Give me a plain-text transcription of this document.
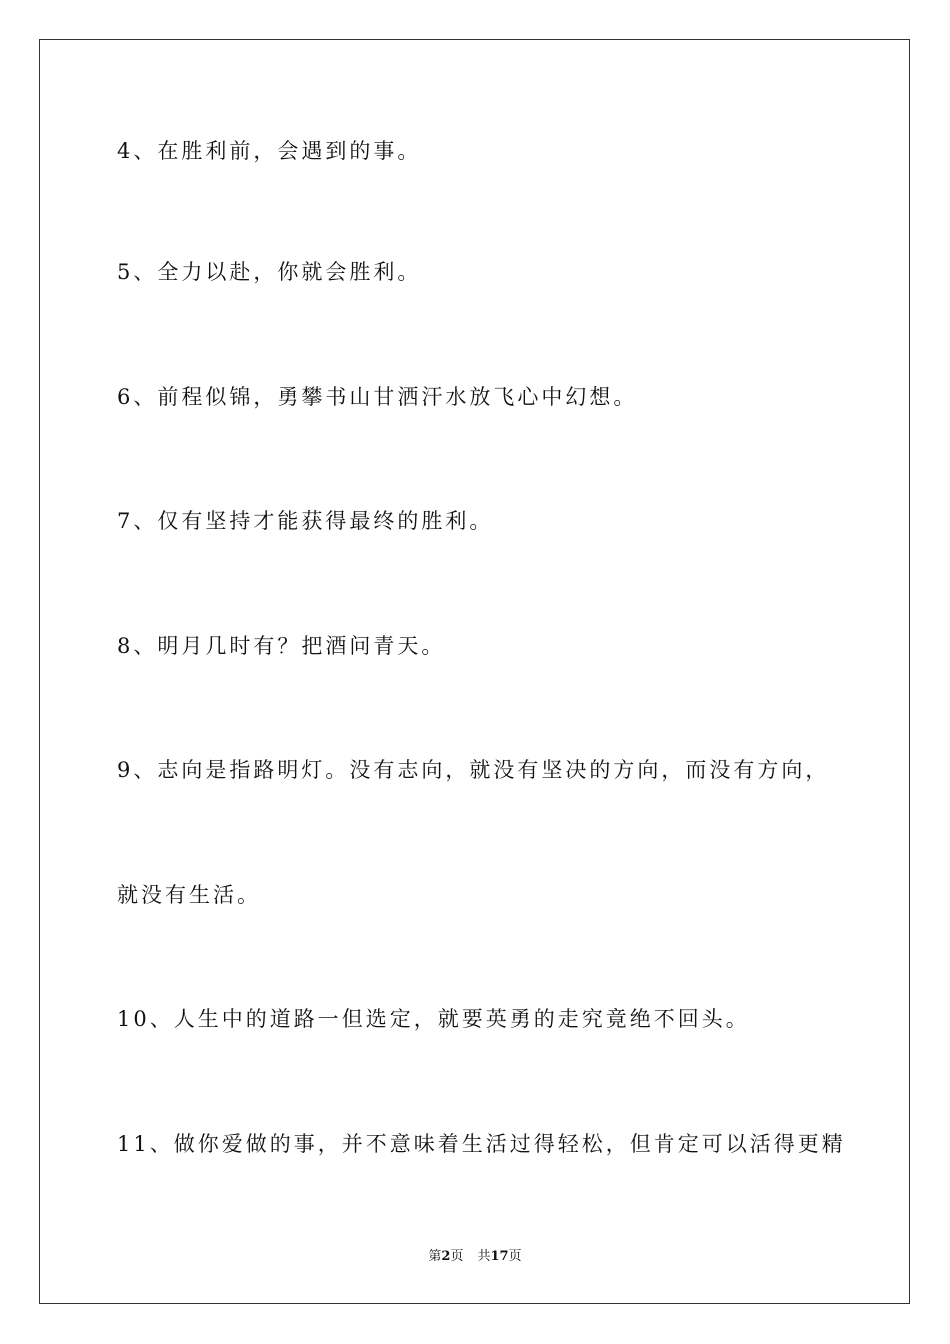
4、在胜利前，会遇到的事。
5、全力以赴，你就会胜利。
6、前程似锦，勇攀书山甘洒汗水放飞心中幻想。
7、仅有坚持才能获得最终的胜利。
8、明月几时有？把酒问青天。
9、志向是指路明灯。没有志向，就没有坚决的方向，而没有方向，
就没有生活。
10、人生中的道路一但选定，就要英勇的走究竟绝不回头。
11、做你爱做的事，并不意味着生活过得轻松，但肯定可以活得更精
第2页 共17页
